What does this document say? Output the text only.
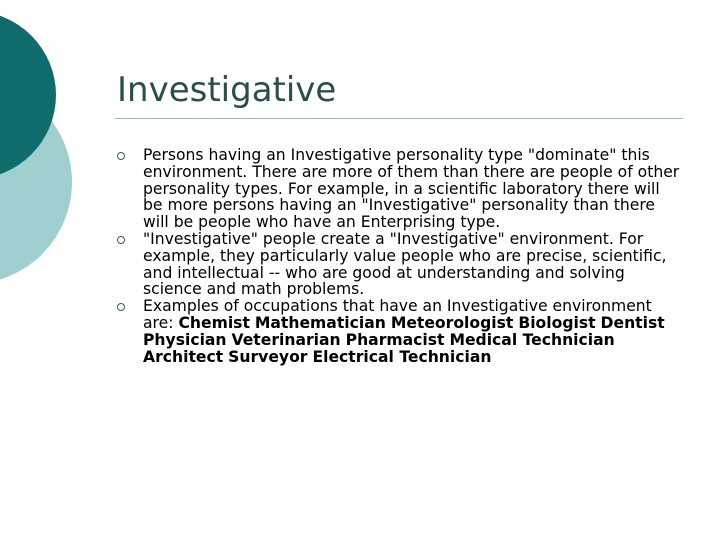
Investigative
Persons having an Investigative personality type "dominate" this environment. There are more of them than there are people of other personality types. For example, in a scientific laboratory there will be more persons having an "Investigative" personality than there will be people who have an Enterprising type.
"Investigative" people create a "Investigative" environment. For example, they particularly value people who are precise, scientific, and intellectual -- who are good at understanding and solving science and math problems.
Examples of occupations that have an Investigative environment are: Chemist Mathematician Meteorologist Biologist Dentist Physician Veterinarian Pharmacist Medical Technician Architect Surveyor Electrical Technician
